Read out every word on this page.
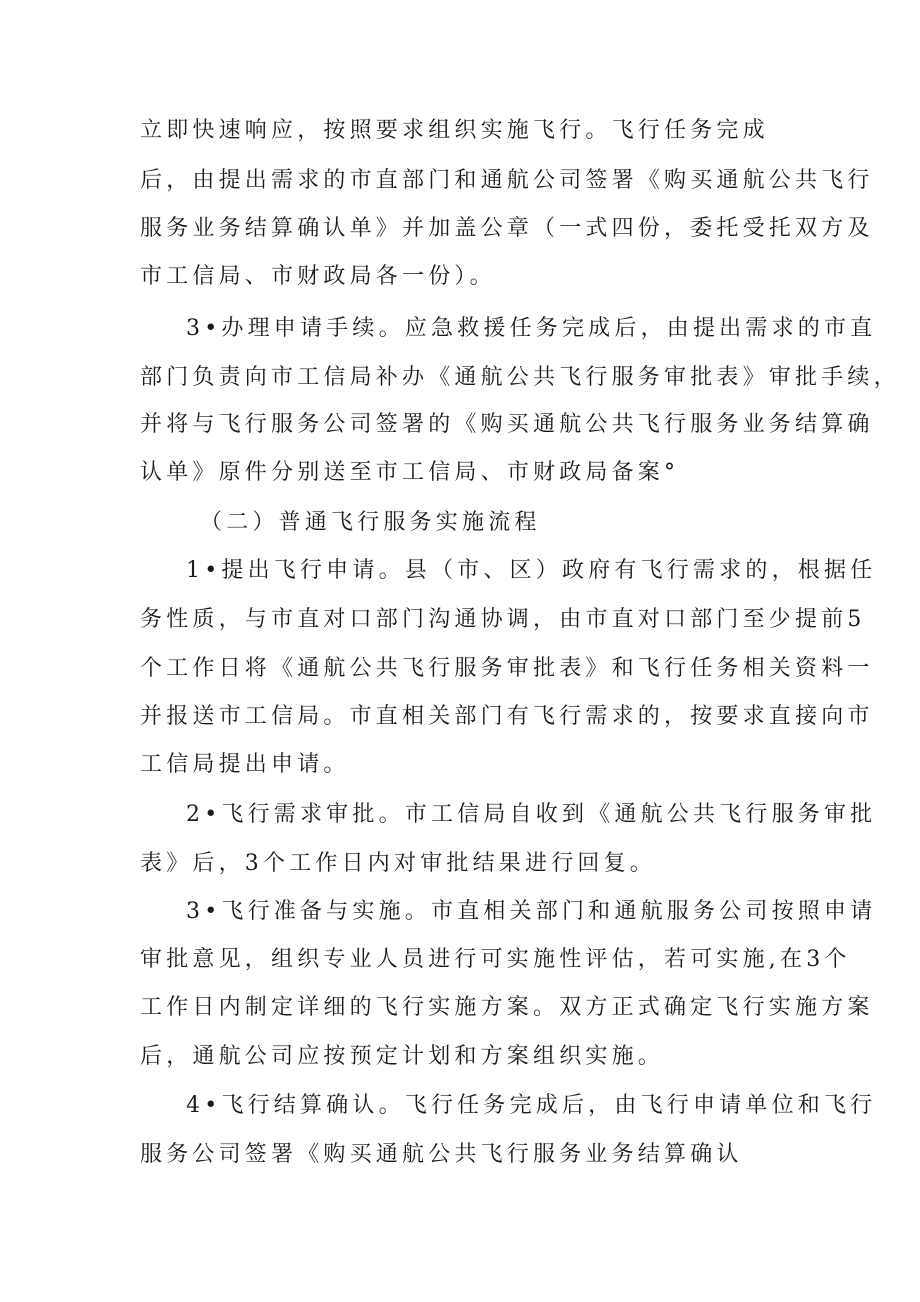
立即快速响应，按照要求组织实施飞行。飞行任务完成
后，由提出需求的市直部门和通航公司签署《购买通航公共飞行
服务业务结算确认单》并加盖公章（一式四份，委托受托双方及
市工信局、市财政局各一份）。
3•办理申请手续。应急救援任务完成后，由提出需求的市直
部门负责向市工信局补办《通航公共飞行服务审批表》审批手续，
并将与飞行服务公司签署的《购买通航公共飞行服务业务结算确
认单》原件分别送至市工信局、市财政局备案°
（二）普通飞行服务实施流程
1•提出飞行申请。县（市、区）政府有飞行需求的，根据任
务性质，与市直对口部门沟通协调，由市直对口部门至少提前5
个工作日将《通航公共飞行服务审批表》和飞行任务相关资料一
并报送市工信局。市直相关部门有飞行需求的，按要求直接向市
工信局提出申请。
2•飞行需求审批。市工信局自收到《通航公共飞行服务审批
表》后，3个工作日内对审批结果进行回复。
3•飞行准备与实施。市直相关部门和通航服务公司按照申请
审批意见，组织专业人员进行可实施性评估，若可实施,在3个
工作日内制定详细的飞行实施方案。双方正式确定飞行实施方案
后，通航公司应按预定计划和方案组织实施。
4•飞行结算确认。飞行任务完成后，由飞行申请单位和飞行
服务公司签署《购买通航公共飞行服务业务结算确认
